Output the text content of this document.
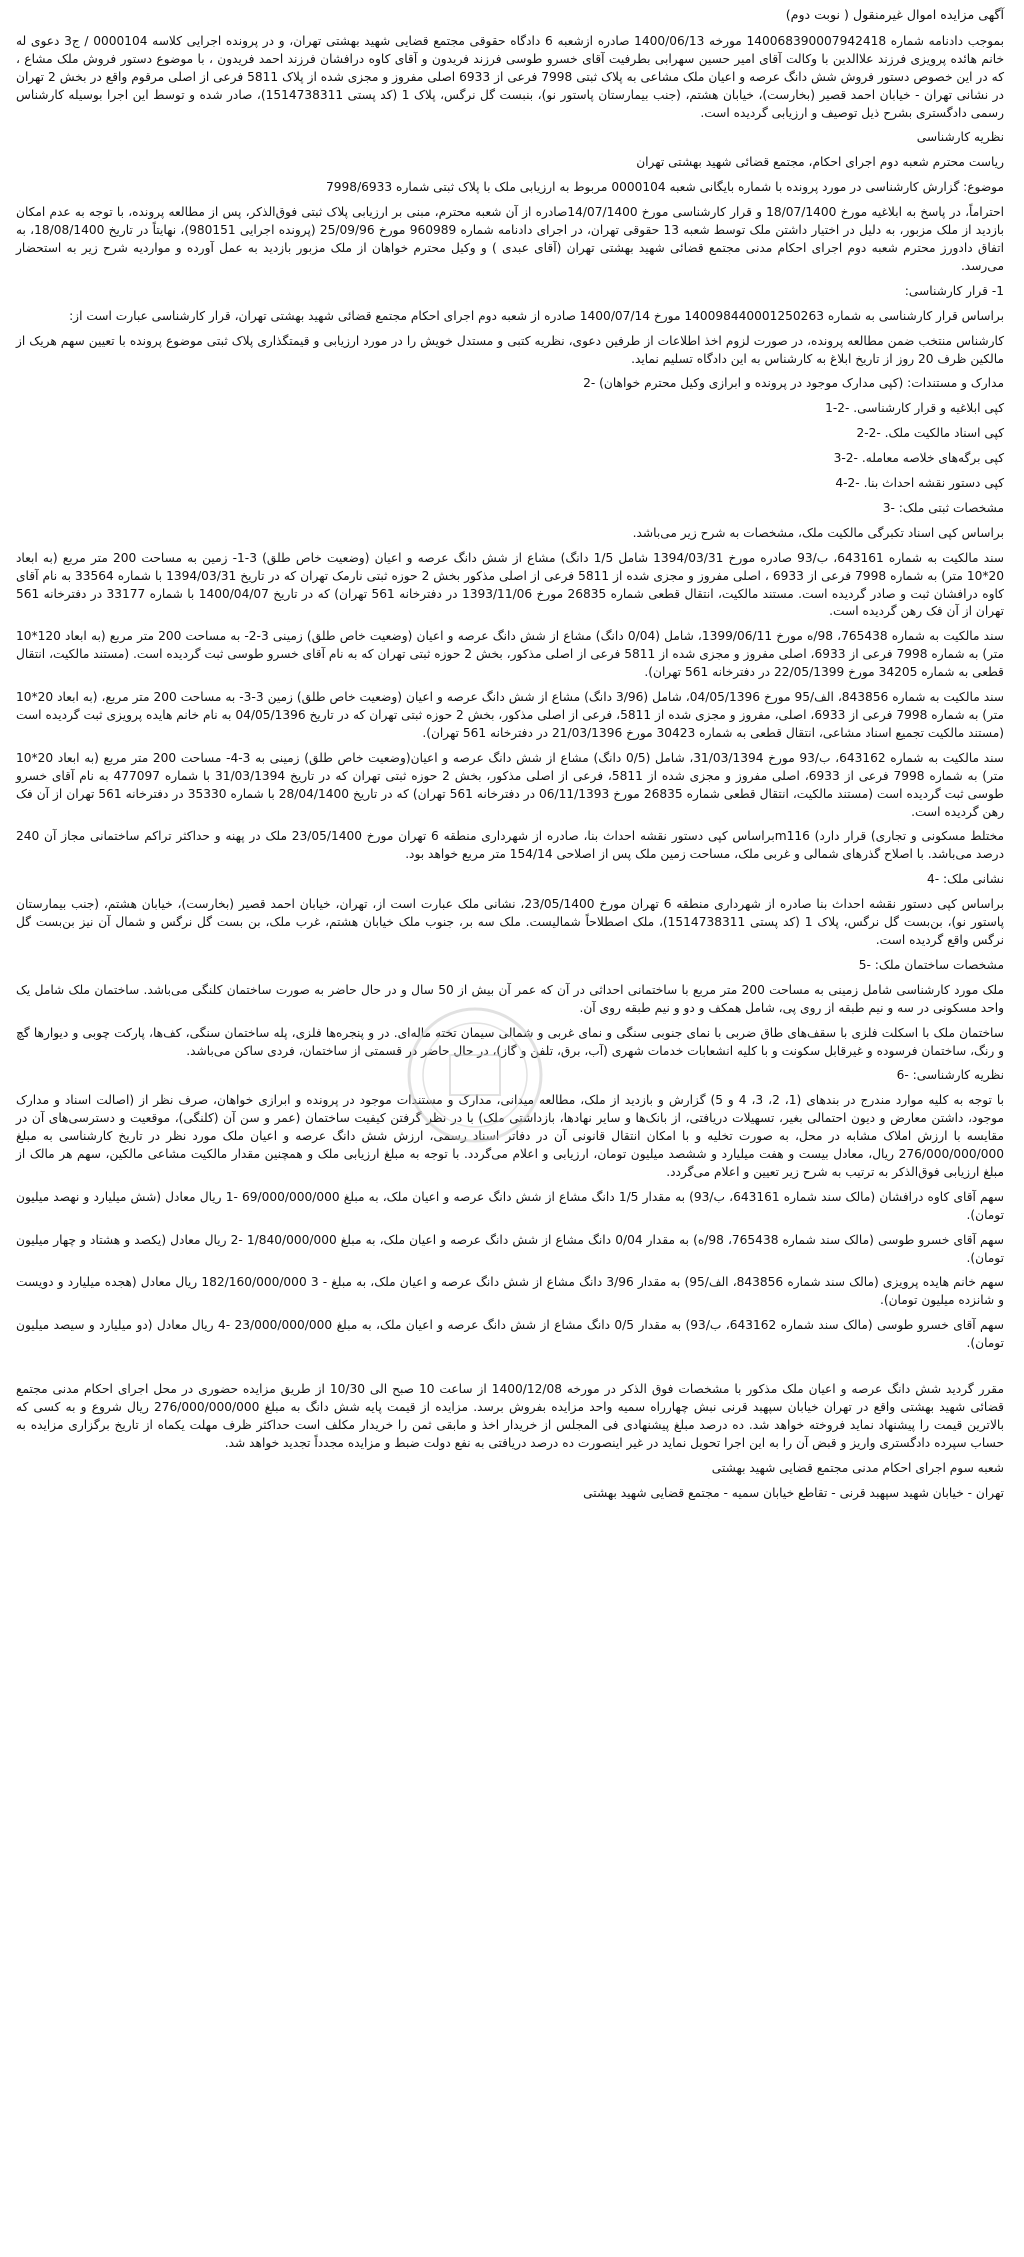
آگهی مزایده اموال غیرمنقول ( نوبت دوم)

بموجب دادنامه شماره 140068390007942418 مورخه 1400/06/13 صادره ازشعبه 6 دادگاه حقوقی مجتمع قضایی شهید بهشتی تهران، و در پرونده اجرایی کلاسه 0000104 / ج3 دعوی له خانم هائده پرویزی فرزند علاالدین با وکالت آقای امیر حسین سهرابی بطرفیت آقای خسرو طوسی فرزند فریدون و آقای کاوه درافشان فرزند احمد فریدون ، با موضوع دستور فروش ملک مشاع ، که در این خصوص دستور فروش شش دانگ عرصه و اعیان ملک مشاعی به پلاک ثبتی 7998 فرعی از 6933 اصلی مفروز و مجزی شده از پلاک 5811 فرعی از اصلی مرقوم واقع در بخش 2 تهران در نشانی تهران - خیابان احمد قصیر (بخارست)، خیابان هشتم، (جنب بیمارستان پاستور نو)، بنبست گل نرگس، پلاک 1 (کد پستی 1514738311)، صادر شده و توسط این اجرا بوسیله کارشناس رسمی دادگستری بشرح ذیل توصیف و ارزیابی گردیده است.

نظریه کارشناسی

ریاست محترم شعبه دوم اجرای احکام، مجتمع قضائی شهید بهشتی تهران

موضوع: گزارش کارشناسی در مورد پرونده با شماره بایگانی شعبه 0000104 مربوط به ارزیابی ملک با پلاک ثبتی شماره 7998/6933

احتراماً، در پاسخ به ابلاغیه مورخ 18/07/1400 و قرار کارشناسی مورخ 14/07/1400صادره از آن شعبه محترم، مبنی بر ارزیابی پلاک ثبتی فوق‌الذکر، پس از مطالعه پرونده، با توجه به عدم امکان بازدید از ملک مزبور، به دلیل در اختیار داشتن ملک توسط شعبه 13 حقوقی تهران، در اجرای دادنامه شماره 960989 مورخ 25/09/96 (پرونده اجرایی 980151)، نهایتاً در تاریخ 18/08/1400، به اتفاق دادورز محترم شعبه دوم اجرای احکام مدنی مجتمع قضائی شهید بهشتی تهران (آقای عبدی ) و وکیل محترم خواهان از ملک مزبور بازدید به عمل آورده و مواردیه شرح زیر به استحضار می‌رسد.

1- قرار کارشناسی:

براساس قرار کارشناسی به شماره 140098440001250263 مورخ 1400/07/14 صادره از شعبه دوم اجرای احکام مجتمع قضائی شهید بهشتی تهران، قرار کارشناسی عبارت است از:

کارشناس منتخب ضمن مطالعه پرونده، در صورت لزوم اخذ اطلاعات از طرفین دعوی، نظریه کتبی و مستدل خویش را در مورد ارزیابی و قیمتگذاری پلاک ثبتی موضوع پرونده با تعیین سهم هریک از مالکین ظرف 20 روز از تاریخ ابلاغ به کارشناس به این دادگاه تسلیم نماید.

مدارک و مستندات: (کپی مدارک موجود در پرونده و ابرازی وکیل محترم خواهان) -2

کپی ابلاغیه و قرار کارشناسی. -2-1

کپی اسناد مالکیت ملک. -2-2

کپی برگه‌های خلاصه معامله. -2-3

کپی دستور نقشه احداث بنا. -2-4

مشخصات ثبتی ملک: -3

براساس کپی اسناد تکبرگی مالکیت ملک، مشخصات به شرح زیر می‌باشد.

سند مالکیت به شماره 643161، ب/93 صادره مورخ 1394/03/31 شامل 1/5 دانگ) مشاع از شش دانگ عرصه و اعیان (وضعیت خاص طلق) 3-1- زمین به مساحت 200 متر مربع (به ابعاد 20*10 متر) به شماره 7998 فرعی از 6933 ، اصلی مفروز و مجزی شده از 5811 فرعی از اصلی مذکور بخش 2 حوزه ثبتی نارمک تهران که در تاریخ 1394/03/31 با شماره 33564 به نام آقای کاوه درافشان ثبت و صادر گردیده است. مستند مالکیت، انتقال قطعی شماره 26835 مورخ 1393/11/06 در دفترخانه 561 تهران) که در تاریخ 1400/04/07 با شماره 33177 در دفترخانه 561 تهران از آن فک رهن گردیده است.

سند مالکیت به شماره 765438، 98/ه مورخ 1399/06/11، شامل (0/04 دانگ) مشاع از شش دانگ عرصه و اعیان (وضعیت خاص طلق) زمینی 3-2- به مساحت 200 متر مربع (به ابعاد 120*10 متر) به شماره 7998 فرعی از 6933، اصلی مفروز و مجزی شده از 5811 فرعی از اصلی مذکور، بخش 2 حوزه ثبتی تهران که به نام آقای خسرو طوسی ثبت گردیده است. (مستند مالکیت، انتقال قطعی به شماره 34205 مورخ 22/05/1399 در دفترخانه 561 تهران).

سند مالکیت به شماره 843856، الف/95 مورخ 04/05/1396، شامل (3/96 دانگ) مشاع از شش دانگ عرصه و اعیان (وضعیت خاص طلق) زمین 3-3- به مساحت 200 متر مربع، (به ابعاد 20*10 متر) به شماره 7998 فرعی از 6933، اصلی، مفروز و مجزی شده از 5811، فرعی از اصلی مذکور، بخش 2 حوزه ثبتی تهران که در تاریخ 04/05/1396 به نام خانم هایده پرویزی ثبت گردیده است (مستند مالکیت تجمیع اسناد مشاعی، انتقال قطعی به شماره 30423 مورخ 21/03/1396 در دفترخانه 561 تهران).

سند مالکیت به شماره 643162، ب/93 مورخ 31/03/1394، شامل (0/5 دانگ) مشاع از شش دانگ عرصه و اعیان(وضعیت خاص طلق) زمینی به 3-4- مساحت 200 متر مربع (به ابعاد 20*10 متر) به شماره 7998 فرعی از 6933، اصلی مفروز و مجزی شده از 5811، فرعی از اصلی مذکور، بخش 2 حوزه ثبتی تهران که در تاریخ 31/03/1394 با شماره 477097 به نام آقای خسرو طوسی ثبت گردیده است (مستند مالکیت، انتقال قطعی شماره 26835 مورخ 06/11/1393 در دفترخانه 561 تهران) که در تاریخ 28/04/1400 با شماره 35330 در دفترخانه 561 تهران از آن فک رهن گردیده است.

مختلط مسکونی و تجاری) قرار دارد) m116براساس کپی دستور نقشه احداث بنا، صادره از شهرداری منطقه 6 تهران مورخ 23/05/1400 ملک در پهنه و حداکثر تراکم ساختمانی مجاز آن 240 درصد می‌باشد. با اصلاح گذرهای شمالی و غربی ملک، مساحت زمین ملک پس از اصلاحی 154/14 متر مربع خواهد بود.

نشانی ملک: -4

براساس کپی دستور نقشه احداث بنا صادره از شهرداری منطقه 6 تهران مورخ 23/05/1400، نشانی ملک عبارت است از، تهران، خیابان احمد قصیر (بخارست)، خیابان هشتم، (جنب بیمارستان پاستور نو)، بن‌بست گل نرگس، پلاک 1 (کد پستی 1514738311)، ملک اصطلاحاً شمالیست. ملک سه بر، جنوب ملک خیابان هشتم، غرب ملک، بن بست گل نرگس و شمال آن نیز بن‌بست گل نرگس واقع گردیده است.

مشخصات ساختمان ملک: -5

ملک مورد کارشناسی شامل زمینی به مساحت 200 متر مربع با ساختمانی احداثی در آن که عمر آن بیش از 50 سال و در حال حاضر به صورت ساختمان کلنگی می‌باشد. ساختمان ملک شامل یک واحد مسکونی در سه و نیم طبقه از روی پی، شامل همکف و دو و نیم طبقه روی آن.

ساختمان ملک با اسکلت فلزی با سقف‌های طاق ضربی با نمای جنوبی سنگی و نمای غربی و شمالی سیمان تخته ماله‌ای. در و پنجره‌ها فلزی، پله ساختمان سنگی، کف‌ها، پارکت چوبی و دیوارها گچ و رنگ، ساختمان فرسوده و غیرقابل سکونت و با کلیه انشعابات خدمات شهری (آب، برق، تلفن و گاز)، در حال حاضر در قسمتی از ساختمان، فردی ساکن می‌باشد.

نظریه کارشناسی: -6

با توجه به کلیه موارد مندرج در بندهای (1، 2، 3، 4 و 5) گزارش و بازدید از ملک، مطالعه میدانی، مدارک و مستندات موجود در پرونده و ابرازی خواهان، صرف نظر از (اصالت اسناد و مدارک موجود، داشتن معارض و دیون احتمالی بغیر، تسهیلات دریافتی، از بانک‌ها و سایر نهادها، بازداشتی ملک) با در نظر گرفتن کیفیت ساختمان (عمر و سن آن (کلنگی)، موقعیت و دسترسی‌های آن در مقایسه با ارزش املاک مشابه در محل، به صورت تخلیه و با امکان انتقال قانونی آن در دفاتر اسناد رسمی، ارزش شش دانگ عرصه و اعیان ملک مورد نظر در تاریخ کارشناسی به مبلغ 276/000/000/000 ریال، معادل بیست و هفت میلیارد و ششصد میلیون تومان، ارزیابی و اعلام می‌گردد. با توجه به مبلغ ارزیابی ملک و همچنین مقدار مالکیت مشاعی مالکین، سهم هر مالک از مبلغ ارزیابی فوق‌الذکر به ترتیب به شرح زیر تعیین و اعلام می‌گردد.

سهم آقای کاوه درافشان (مالک سند شماره 643161، ب/93) به مقدار 1/5 دانگ مشاع از شش دانگ عرصه و اعیان ملک، به مبلغ 69/000/000/000 -1 ریال معادل (شش میلیارد و نهصد میلیون تومان).

سهم آقای خسرو طوسی (مالک سند شماره 765438، 98/ه) به مقدار 0/04 دانگ مشاع از شش دانگ عرصه و اعیان ملک، به مبلغ 1/840/000/000 -2 ریال معادل (یکصد و هشتاد و چهار میلیون تومان).

سهم خانم هایده پرویزی (مالک سند شماره 843856، الف/95) به مقدار 3/96 دانگ مشاع از شش دانگ عرصه و اعیان ملک، به مبلغ - 3 182/160/000/000 ریال معادل (هجده میلیارد و دویست و شانزده میلیون تومان).

سهم آقای خسرو طوسی (مالک سند شماره 643162، ب/93) به مقدار 0/5 دانگ مشاع از شش دانگ عرصه و اعیان ملک، به مبلغ 23/000/000/000 -4 ریال معادل (دو میلیارد و سیصد میلیون تومان).

مقرر گردید شش دانگ عرصه و اعیان ملک مذکور با مشخصات فوق الذکر در مورخه 1400/12/08 از ساعت 10 صبح الی 10/30 از طریق مزایده حضوری در محل اجرای احکام مدنی مجتمع قضائی شهید بهشتی واقع در تهران خیابان سپهبد قرنی نبش چهارراه سمیه واحد مزایده بفروش برسد. مزایده از قیمت پایه شش دانگ به مبلغ 276/000/000/000 ریال شروع و به کسی که بالاترین قیمت را پیشنهاد نماید فروخته خواهد شد. ده درصد مبلغ پیشنهادی فی المجلس از خریدار اخذ و مابقی ثمن را خریدار مکلف است حداکثر ظرف مهلت یکماه از تاریخ برگزاری مزایده به حساب سپرده دادگستری واریز و قبض آن را به این اجرا تحویل نماید در غیر اینصورت ده درصد دریافتی به نفع دولت ضبط و مزایده مجدداً تجدید خواهد شد.

شعبه سوم اجرای احکام مدنی مجتمع قضایی شهید بهشتی

تهران - خیابان شهید سپهبد قرنی - تقاطع خیابان سمیه - مجتمع قضایی شهید بهشتی
